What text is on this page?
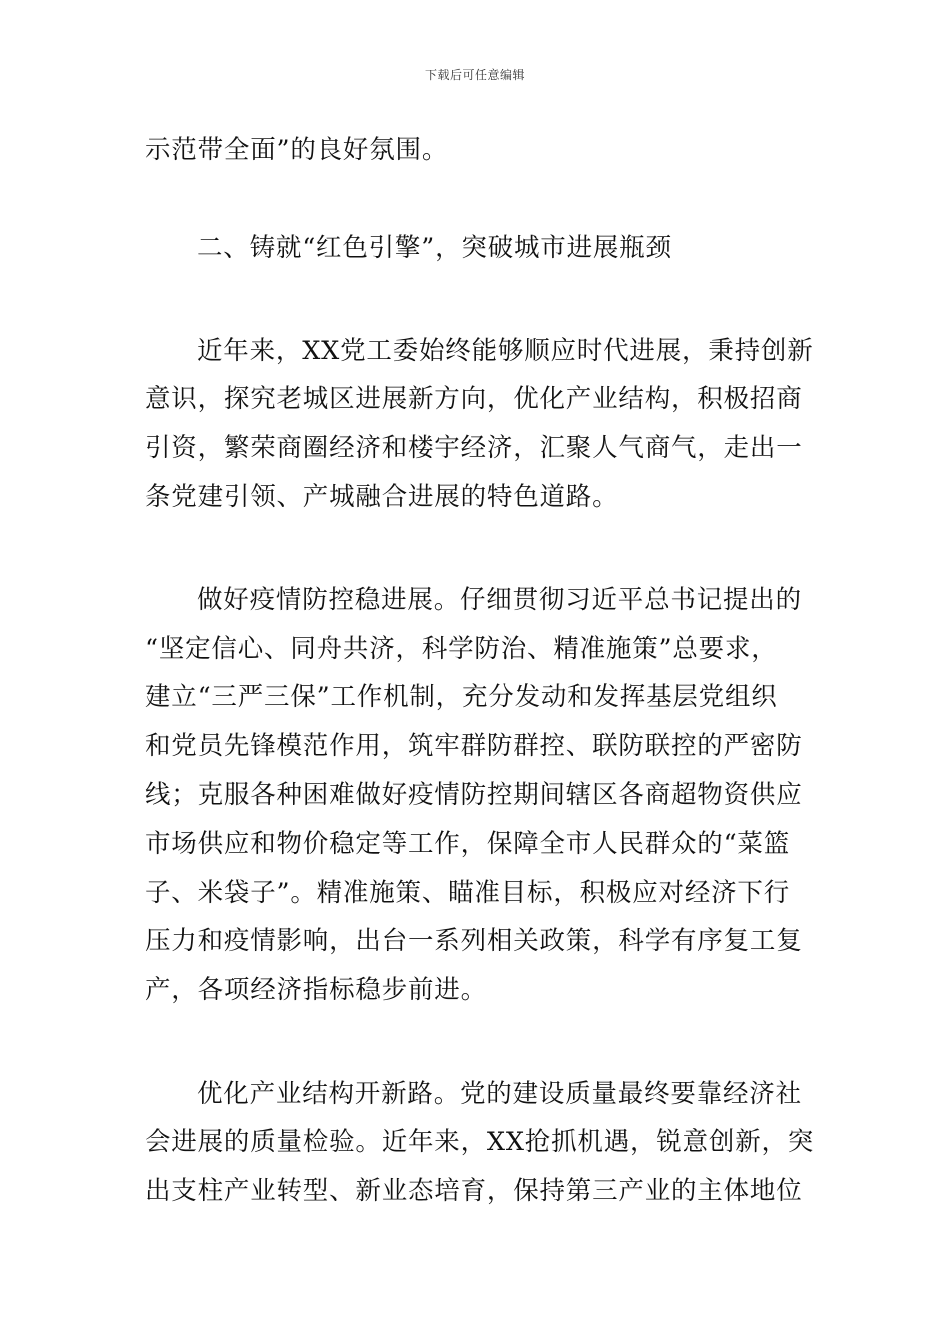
下载后可任意编辑
示范带全面”的良好氛围。
二、铸就“红色引擎”，突破城市进展瓶颈
近年来，XX党工委始终能够顺应时代进展，秉持创新
意识，探究老城区进展新方向，优化产业结构，积极招商
引资，繁荣商圈经济和楼宇经济，汇聚人气商气，走出一
条党建引领、产城融合进展的特色道路。
做好疫情防控稳进展。仔细贯彻习近平总书记提出的
“坚定信心、同舟共济，科学防治、精准施策”总要求，
建立“三严三保”工作机制，充分发动和发挥基层党组织
和党员先锋模范作用，筑牢群防群控、联防联控的严密防
线；克服各种困难做好疫情防控期间辖区各商超物资供应
市场供应和物价稳定等工作，保障全市人民群众的“菜篮
子、米袋子”。精准施策、瞄准目标，积极应对经济下行
压力和疫情影响，出台一系列相关政策，科学有序复工复
产，各项经济指标稳步前进。
优化产业结构开新路。党的建设质量最终要靠经济社
会进展的质量检验。近年来，XX抢抓机遇，锐意创新，突
出支柱产业转型、新业态培育，保持第三产业的主体地位
